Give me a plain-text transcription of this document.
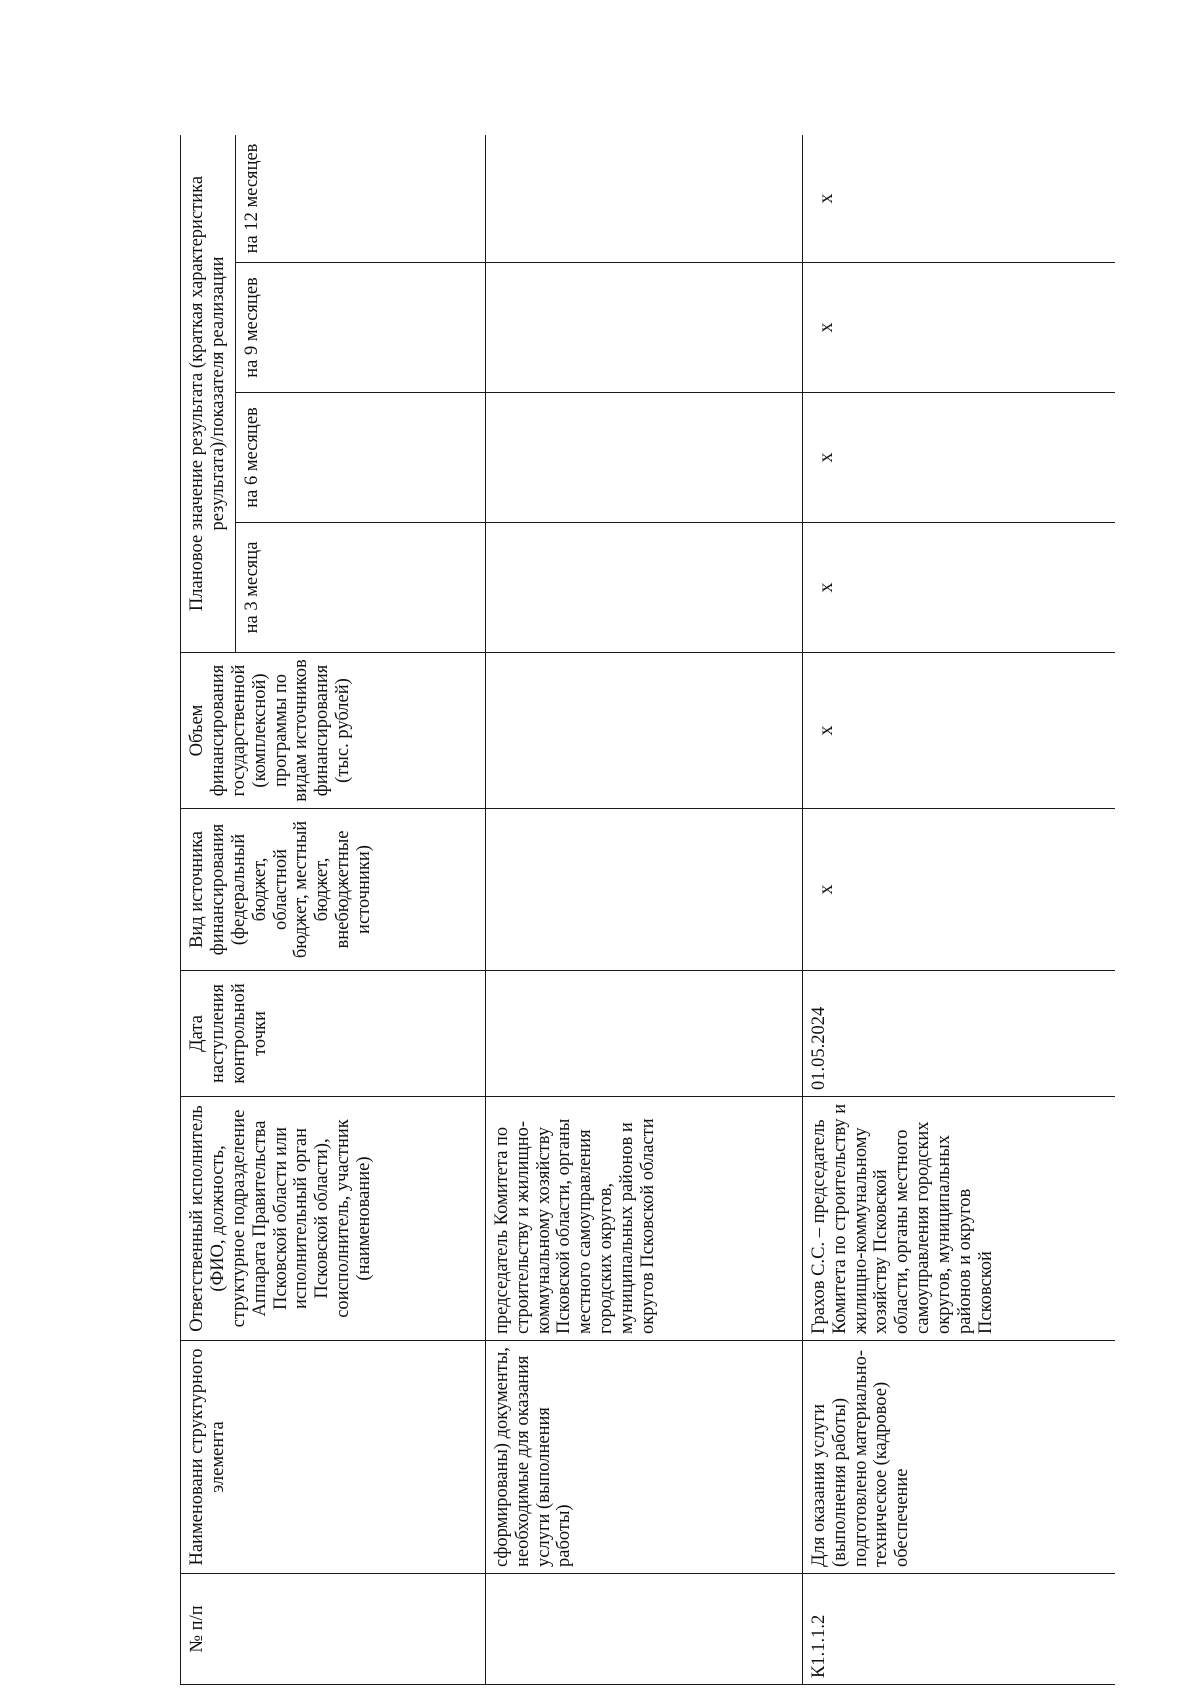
№ п/п	Наименовани структурного элемента	Ответственный исполнитель (ФИО, должность, структурное подразделение Аппарата Правительства Псковской области или исполнительный орган Псковской области), соисполнитель, участник (наименование)	Дата наступления контрольной точки	Вид источника финансирования (федеральный бюджет, областной бюджет, местный бюджет, внебюджетные источники)	Объем финансирования государственной (комплексной) программы по видам источников финансирования (тыс. рублей)	Плановое значение результата (краткая характеристика результата)/показателя реализации			
						на 3 месяца	на 6 месяцев	на 9 месяцев	на 12 месяцев
	сформированы) документы, необходимые для оказания услуги (выполнения работы)	председатель Комитета по строительству и жилищно-коммунальному хозяйству Псковской области, органы местного самоуправления городских округов, муниципальных районов и округов Псковской области							
К1.1.1.2	Для оказания услуги (выполнения работы) подготовлено материально-техническое (кадровое) обеспечение	Грахов С.С. – председатель Комитета по строительству и жилищно-коммунальному хозяйству Псковской области, органы местного самоуправления городских округов, муниципальных районов и округов Псковской	01.05.2024	х	х	х	х	х	х
